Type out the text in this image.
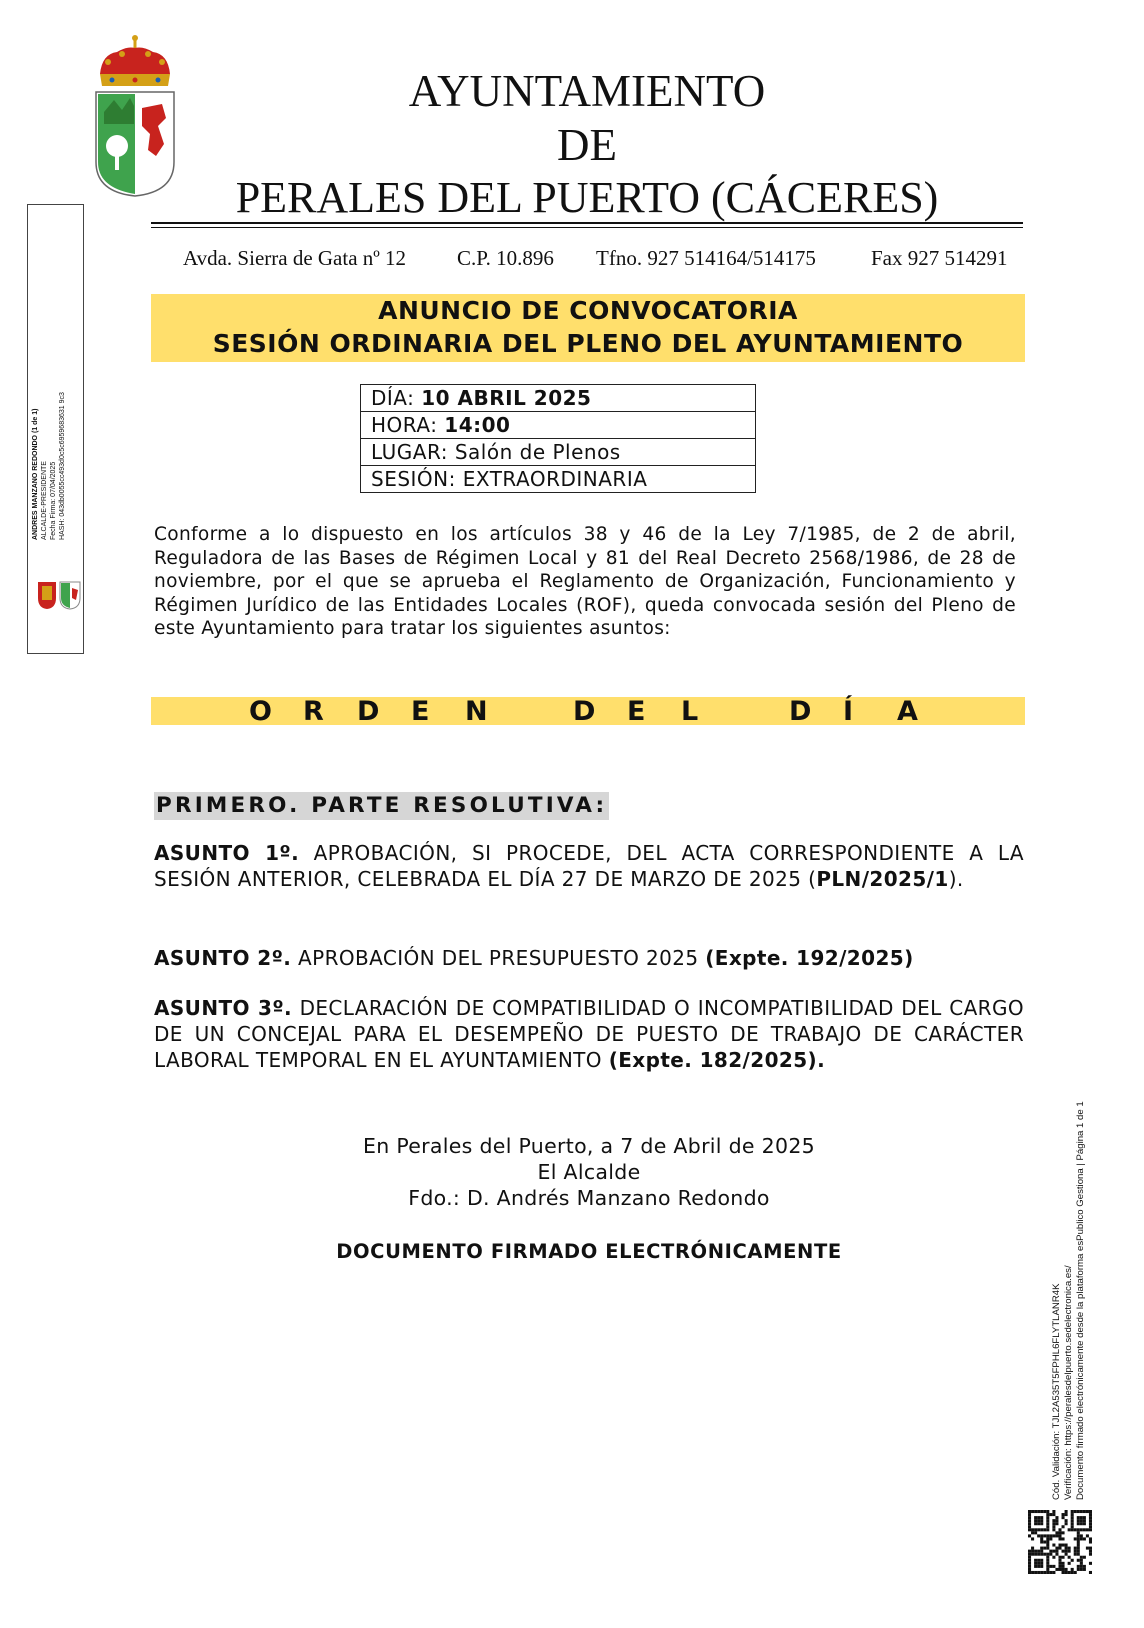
AYUNTAMIENTO
DE
PERALES DEL PUERTO (CÁCERES)
Avda. Sierra de Gata nº 12 C.P. 10.896 Tfno. 927 514164/514175	Fax 927 514291
ANUNCIO DE CONVOCATORIA
SESIÓN ORDINARIA DEL PLENO DEL AYUNTAMIENTO
DÍA: 10 ABRIL 2025
HORA: 14:00
LUGAR: Salón de Plenos
SESIÓN: EXTRAORDINARIA
Conforme a lo dispuesto en los artículos 38 y 46 de la Ley 7/1985, de 2 de abril, Reguladora de las Bases de Régimen Local y 81 del Real Decreto 2568/1986, de 28 de noviembre, por el que se aprueba el Reglamento de Organización, Funcionamiento y Régimen Jurídico de las Entidades Locales (ROF), queda convocada sesión del Pleno de este Ayuntamiento para tratar los siguientes asuntos:
O R D E N	D E L	D Í A
PRIMERO. PARTE RESOLUTIVA:
ASUNTO 1º. APROBACIÓN, SI PROCEDE, DEL ACTA CORRESPONDIENTE A LA SESIÓN ANTERIOR, CELEBRADA EL DÍA 27 DE MARZO DE 2025 (PLN/2025/1).
ASUNTO 2º. APROBACIÓN DEL PRESUPUESTO 2025 (Expte. 192/2025)
ASUNTO 3º. DECLARACIÓN DE COMPATIBILIDAD O INCOMPATIBILIDAD DEL CARGO DE UN CONCEJAL PARA EL DESEMPEÑO DE PUESTO DE TRABAJO DE CARÁCTER LABORAL TEMPORAL EN EL AYUNTAMIENTO (Expte. 182/2025).
En Perales del Puerto, a 7 de Abril de 2025
El Alcalde
Fdo.: D. Andrés Manzano Redondo
DOCUMENTO FIRMADO ELECTRÓNICAMENTE
ANDRES MANZANO REDONDO (1 de 1) ALCALDE-PRESIDENTE Fecha Firma: 07/04/2025 HASH: 043db0055cc493d0c5c6959683631 9c3
Cód. Validación: TJL2A535T5FPHL6FLYTLANR4K Verificación: https://peralesdelpuerto.sedelectronica.es/ Documento firmado electrónicamente desde la plataforma esPublico Gestiona | Página 1 de 1
